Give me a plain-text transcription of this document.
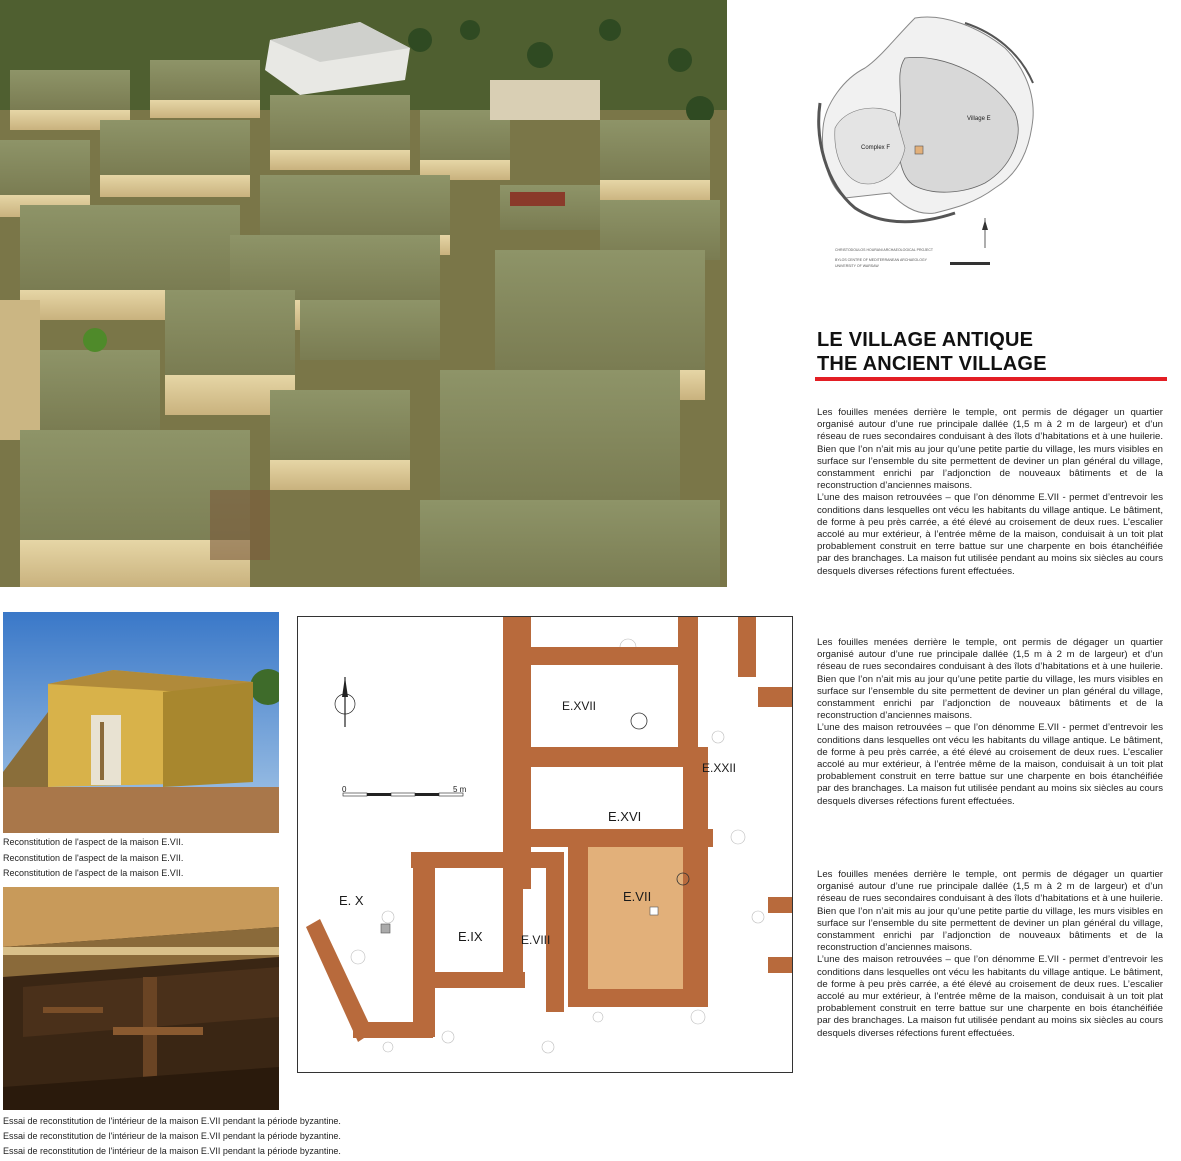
Village E
Complex F
CHRISTODOULOS HOURANI ARCHAEOLOGICAL PROJECT
BYLOS CENTRE OF MEDITERRANEAN ARCHAEOLOGY
UNIVERSITY OF WARSAW
LE VILLAGE ANTIQUE
THE ANCIENT VILLAGE

Les fouilles menées derrière le temple, ont permis de dégager un quartier organisé autour d’une rue principale dallée (1,5 m à 2 m de largeur) et d’un réseau de rues secondaires conduisant à des îlots d’habitations et à une huilerie. Bien que l’on n’ait mis au jour qu’une petite partie du village, les murs visibles en surface sur l’ensemble du site permettent de deviner un plan général du village, constamment enrichi par l’adjonction de nouveaux bâtiments et de la reconstruction d’anciennes maisons.

L’une des maison retrouvées – que l’on dénomme E.VII - permet d’entrevoir les conditions dans lesquelles ont vécu les habitants du village antique. Le bâtiment, de forme à peu près carrée, a été élevé au croisement de deux rues. L’escalier accolé au mur extérieur, à l’entrée même de la maison, conduisait à un toit plat probablement construit en terre battue sur une charpente en bois étanchéifiée par des branchages. La maison fut utilisée pendant au moins six siècles au cours desquels diverses réfections furent effectuées.

Les fouilles menées derrière le temple, ont permis de dégager un quartier organisé autour d’une rue principale dallée (1,5 m à 2 m de largeur) et d’un réseau de rues secondaires conduisant à des îlots d’habitations et à une huilerie. Bien que l’on n’ait mis au jour qu’une petite partie du village, les murs visibles en surface sur l’ensemble du site permettent de deviner un plan général du village, constamment enrichi par l’adjonction de nouveaux bâtiments et de la reconstruction d’anciennes maisons.

L’une des maison retrouvées – que l’on dénomme E.VII - permet d’entrevoir les conditions dans lesquelles ont vécu les habitants du village antique. Le bâtiment, de forme à peu près carrée, a été élevé au croisement de deux rues. L’escalier accolé au mur extérieur, à l’entrée même de la maison, conduisait à un toit plat probablement construit en terre battue sur une charpente en bois étanchéifiée par des branchages. La maison fut utilisée pendant au moins six siècles au cours desquels diverses réfections furent effectuées.

Les fouilles menées derrière le temple, ont permis de dégager un quartier organisé autour d’une rue principale dallée (1,5 m à 2 m de largeur) et d’un réseau de rues secondaires conduisant à des îlots d’habitations et à une huilerie. Bien que l’on n’ait mis au jour qu’une petite partie du village, les murs visibles en surface sur l’ensemble du site permettent de deviner un plan général du village, constamment enrichi par l’adjonction de nouveaux bâtiments et de la reconstruction d’anciennes maisons.

L’une des maison retrouvées – que l’on dénomme E.VII - permet d’entrevoir les conditions dans lesquelles ont vécu les habitants du village antique. Le bâtiment, de forme à peu près carrée, a été élevé au croisement de deux rues. L’escalier accolé au mur extérieur, à l’entrée même de la maison, conduisait à un toit plat probablement construit en terre battue sur une charpente en bois étanchéifiée par des branchages. La maison fut utilisée pendant au moins six siècles au cours desquels diverses réfections furent effectuées.

Reconstitution de l'aspect de la maison E.VII.
Reconstitution de l'aspect de la maison E.VII.
Reconstitution de l'aspect de la maison E.VII.
Essai de reconstitution de l'intérieur de la maison E.VII pendant la période byzantine.
Essai de reconstitution de l'intérieur de la maison E.VII pendant la période byzantine.
Essai de reconstitution de l'intérieur de la maison E.VII pendant la période byzantine.
0	5 m
E.XVII
E.XVI
E.XXII
E.VII
E.IX	E.VIII
E. X
